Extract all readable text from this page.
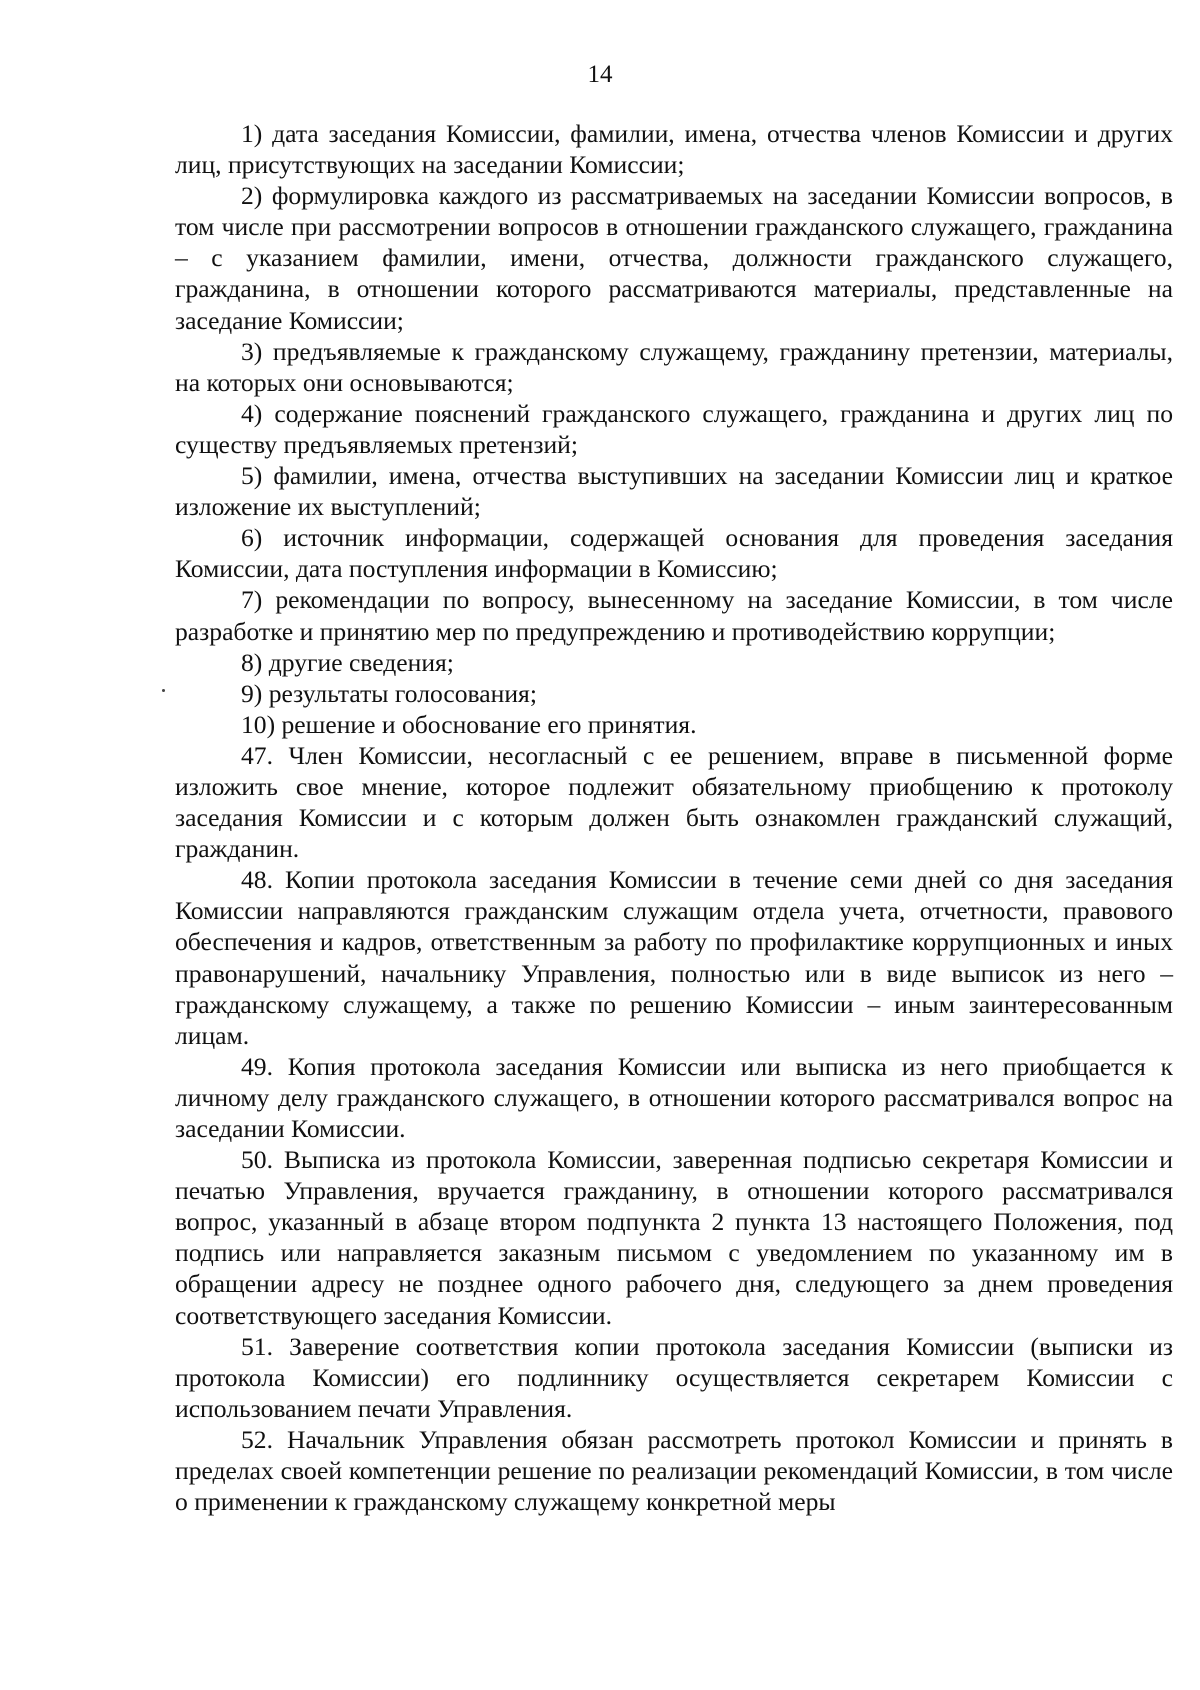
14

1) дата заседания Комиссии, фамилии, имена, отчества членов Комиссии и других лиц, присутствующих на заседании Комиссии;

2) формулировка каждого из рассматриваемых на заседании Комиссии вопросов, в том числе при рассмотрении вопросов в отношении гражданского служащего, гражданина – с указанием фамилии, имени, отчества, должности гражданского служащего, гражданина, в отношении которого рассматриваются материалы, представленные на заседание Комиссии;

3) предъявляемые к гражданскому служащему, гражданину претензии, материалы, на которых они основываются;

4) содержание пояснений гражданского служащего, гражданина и других лиц по существу предъявляемых претензий;

5) фамилии, имена, отчества выступивших на заседании Комиссии лиц и краткое изложение их выступлений;

6) источник информации, содержащей основания для проведения заседания Комиссии, дата поступления информации в Комиссию;

7) рекомендации по вопросу, вынесенному на заседание Комиссии, в том числе разработке и принятию мер по предупреждению и противодействию коррупции;

8) другие сведения;

9) результаты голосования;

10) решение и обоснование его принятия.

47. Член Комиссии, несогласный с ее решением, вправе в письменной форме изложить свое мнение, которое подлежит обязательному приобщению к протоколу заседания Комиссии и с которым должен быть ознакомлен гражданский служащий, гражданин.

48. Копии протокола заседания Комиссии в течение семи дней со дня заседания Комиссии направляются гражданским служащим отдела учета, отчетности, правового обеспечения и кадров, ответственным за работу по профилактике коррупционных и иных правонарушений, начальнику Управления, полностью или в виде выписок из него – гражданскому служащему, а также по решению Комиссии – иным заинтересованным лицам.

49. Копия протокола заседания Комиссии или выписка из него приобщается к личному делу гражданского служащего, в отношении которого рассматривался вопрос на заседании Комиссии.

50. Выписка из протокола Комиссии, заверенная подписью секретаря Комиссии и печатью Управления, вручается гражданину, в отношении которого рассматривался вопрос, указанный в абзаце втором подпункта 2 пункта 13 настоящего Положения, под подпись или направляется заказным письмом с уведомлением по указанному им в обращении адресу не позднее одного рабочего дня, следующего за днем проведения соответствующего заседания Комиссии.

51. Заверение соответствия копии протокола заседания Комиссии (выписки из протокола Комиссии) его подлиннику осуществляется секретарем Комиссии с использованием печати Управления.

52. Начальник Управления обязан рассмотреть протокол Комиссии и принять в пределах своей компетенции решение по реализации рекомендаций Комиссии, в том числе о применении к гражданскому служащему конкретной меры
